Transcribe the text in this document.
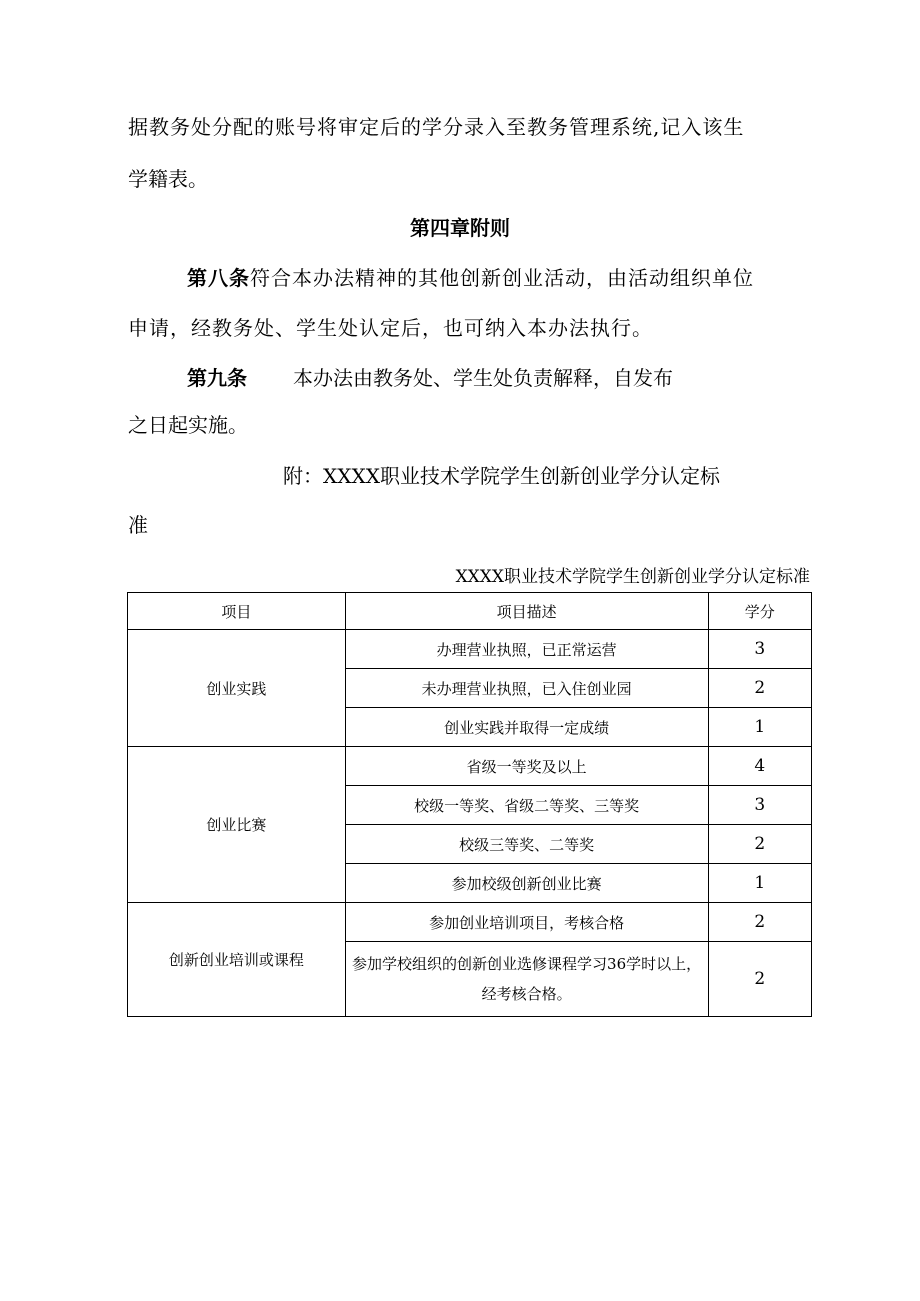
据教务处分配的账号将审定后的学分录入至教务管理系统,记入该生
学籍表。
第四章附则
第八条符合本办法精神的其他创新创业活动，由活动组织单位
申请，经教务处、学生处认定后，也可纳入本办法执行。
第九条 本办法由教务处、学生处负责解释，自发布
之日起实施。
附：XXXX职业技术学院学生创新创业学分认定标
准
XXXX职业技术学院学生创新创业学分认定标准
项目	项目描述	学分
创业实践	办理营业执照，已正常运营	3
	未办理营业执照，已入住创业园	2
	创业实践并取得一定成绩	1
创业比赛	省级一等奖及以上	4
	校级一等奖、省级二等奖、三等奖	3
	校级三等奖、二等奖	2
	参加校级创新创业比赛	1
创新创业培训或课程	参加创业培训项目，考核合格	2
	参加学校组织的创新创业选修课程学习36学时以上，经考核合格。	2
